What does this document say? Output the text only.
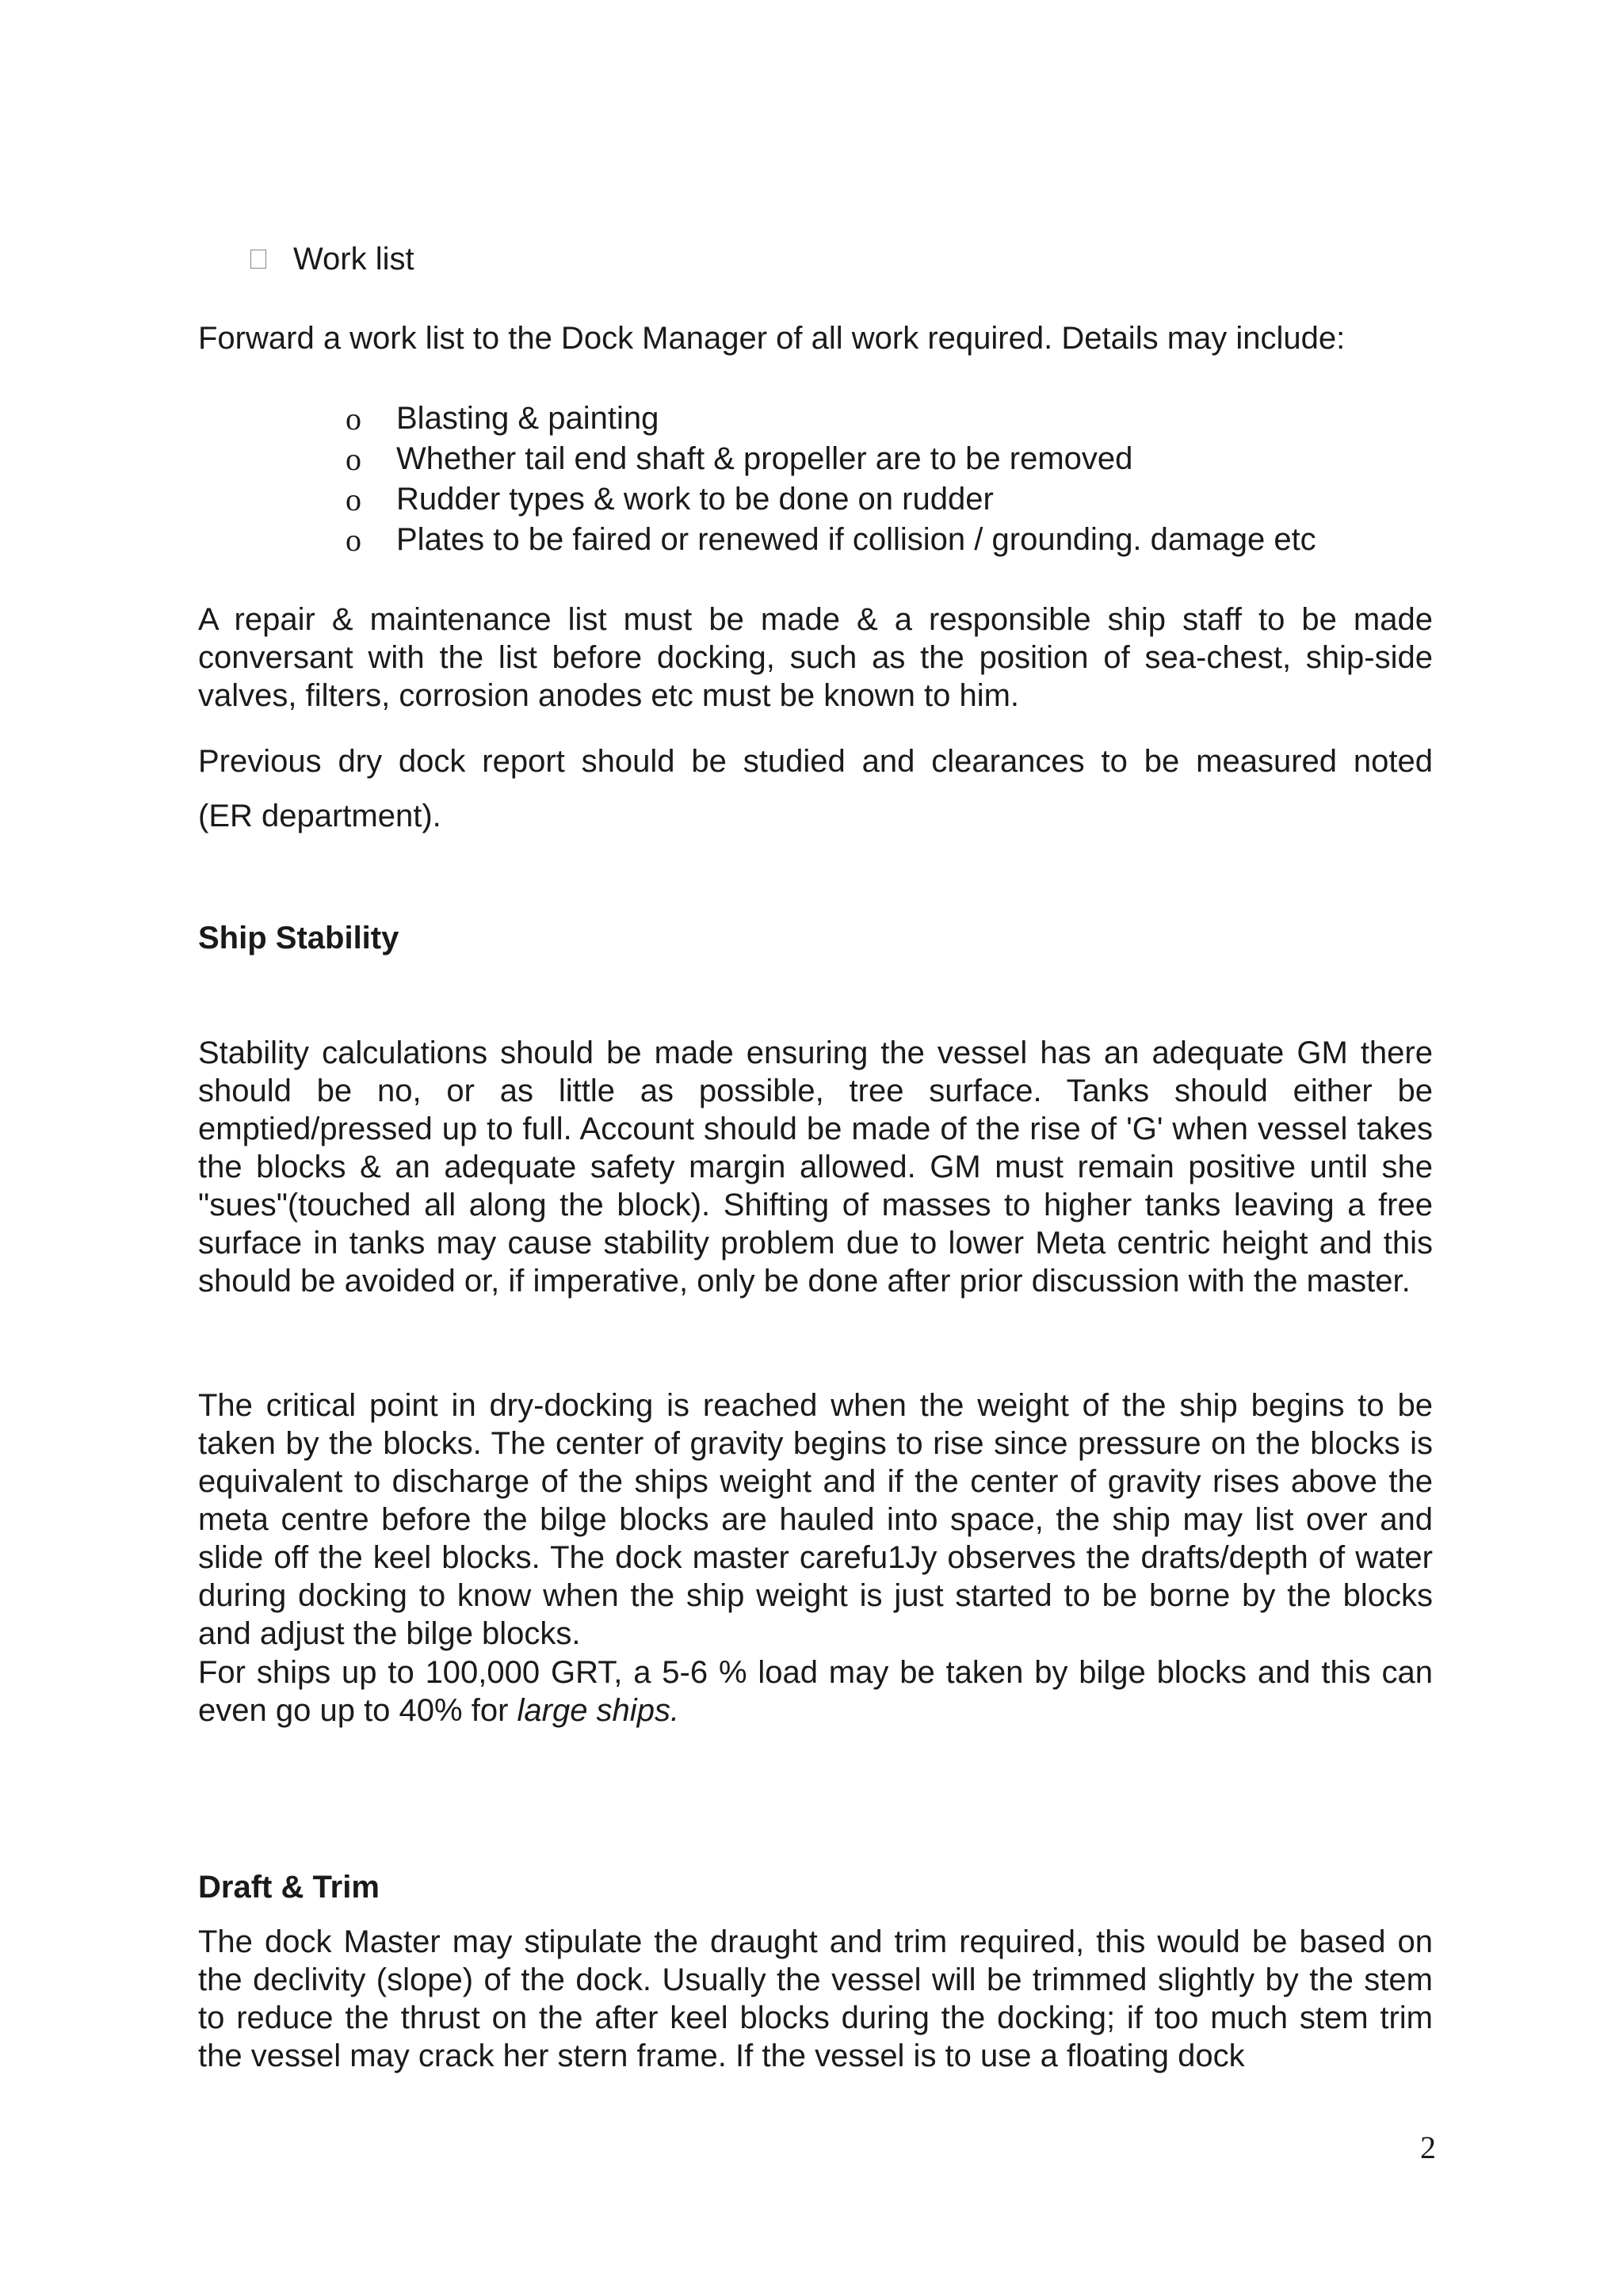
Work list
Forward a work list to the Dock Manager of all work required. Details may include:
o	Blasting & painting
o	Whether tail end shaft & propeller are to be removed
o	Rudder types & work to be done on rudder
o	Plates to be faired or renewed if collision / grounding. damage etc
A repair & maintenance list must be made & a responsible ship staff to be made conversant with the list before docking, such as the position of sea-chest, ship-side valves, filters, corrosion anodes etc must be known to him.
Previous dry dock report should be studied and clearances to be measured noted
(ER department).
Ship Stability
Stability calculations should be made ensuring the vessel has an adequate GM there should be no, or as little as possible, tree surface. Tanks should either be emptied/pressed up to full. Account should be made of the rise of 'G' when vessel takes the blocks & an adequate safety margin allowed. GM must remain positive until she "sues"(touched all along the block). Shifting of masses to higher tanks leaving a free surface in tanks may cause stability problem due to lower Meta centric height and this should be avoided or, if imperative, only be done after prior discussion with the master.
The critical point in dry-docking is reached when the weight of the ship begins to be taken by the blocks. The center of gravity begins to rise since pressure on the blocks is equivalent to discharge of the ships weight and if the center of gravity rises above the meta centre before the bilge blocks are hauled into space, the ship may list over and slide off the keel blocks. The dock master carefu1Jy observes the drafts/depth of water during docking to know when the ship weight is just started to be borne by the blocks and adjust the bilge blocks.
For ships up to 100,000 GRT, a 5-6 % load may be taken by bilge blocks and this can even go up to 40% for large ships.
Draft & Trim
The dock Master may stipulate the draught and trim required, this would be based on the declivity (slope) of the dock. Usually the vessel will be trimmed slightly by the stem to reduce the thrust on the after keel blocks during the docking; if too much stem trim the vessel may crack her stern frame. If the vessel is to use a floating dock
2
